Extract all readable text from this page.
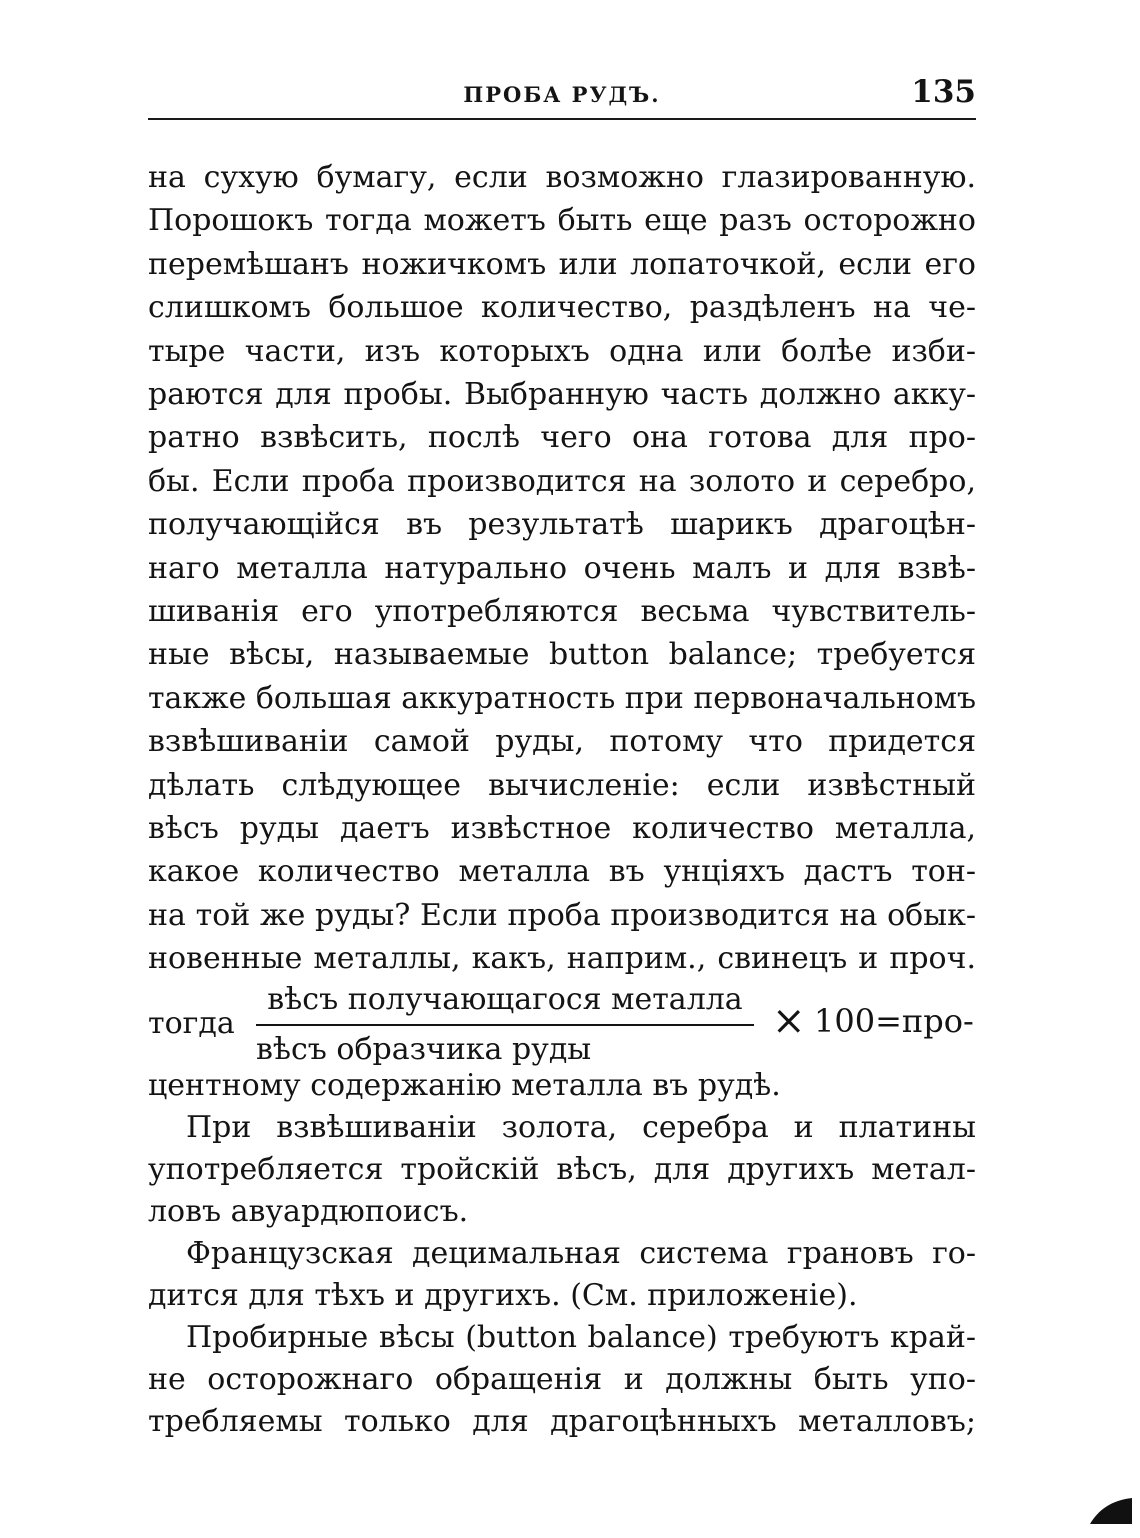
ПРОБА РУДЪ.	135
на сухую бумагу, если возможно глазированную.
Порошокъ тогда можетъ быть еще разъ осторожно
перемѣшанъ ножичкомъ или лопаточкой, если его
слишкомъ большое количество, раздѣленъ на че-
тыре части, изъ которыхъ одна или болѣе изби-
раются для пробы. Выбранную часть должно акку-
ратно взвѣсить, послѣ чего она готова для про-
бы. Если проба производится на золото и серебро,
получающійся въ результатѣ шарикъ драгоцѣн-
наго металла натурально очень малъ и для взвѣ-
шиванія его употребляются весьма чувствитель-
ные вѣсы, называемые button balance; требуется
также большая аккуратность при первоначальномъ
взвѣшиваніи самой руды, потому что придется
дѣлать слѣдующее вычисленіе: если извѣстный
вѣсъ руды даетъ извѣстное количество металла,
какое количество металла въ унціяхъ дастъ тон-
на той же руды? Если проба производится на обык-
новенные металлы, какъ, наприм., свинецъ и проч.
тогда
вѣсъ получающагося металла
вѣсъ образчика руды
× 100=про-
центному содержанію металла въ рудѣ.
При взвѣшиваніи золота, серебра и платины
употребляется тройскій вѣсъ, для другихъ метал-
ловъ авуардюпоисъ.
Французская децимальная система грановъ го-
дится для тѣхъ и другихъ. (См. приложеніе).
Пробирные вѣсы (button balance) требуютъ край-
не осторожнаго обращенія и должны быть упо-
требляемы только для драгоцѣнныхъ металловъ;
